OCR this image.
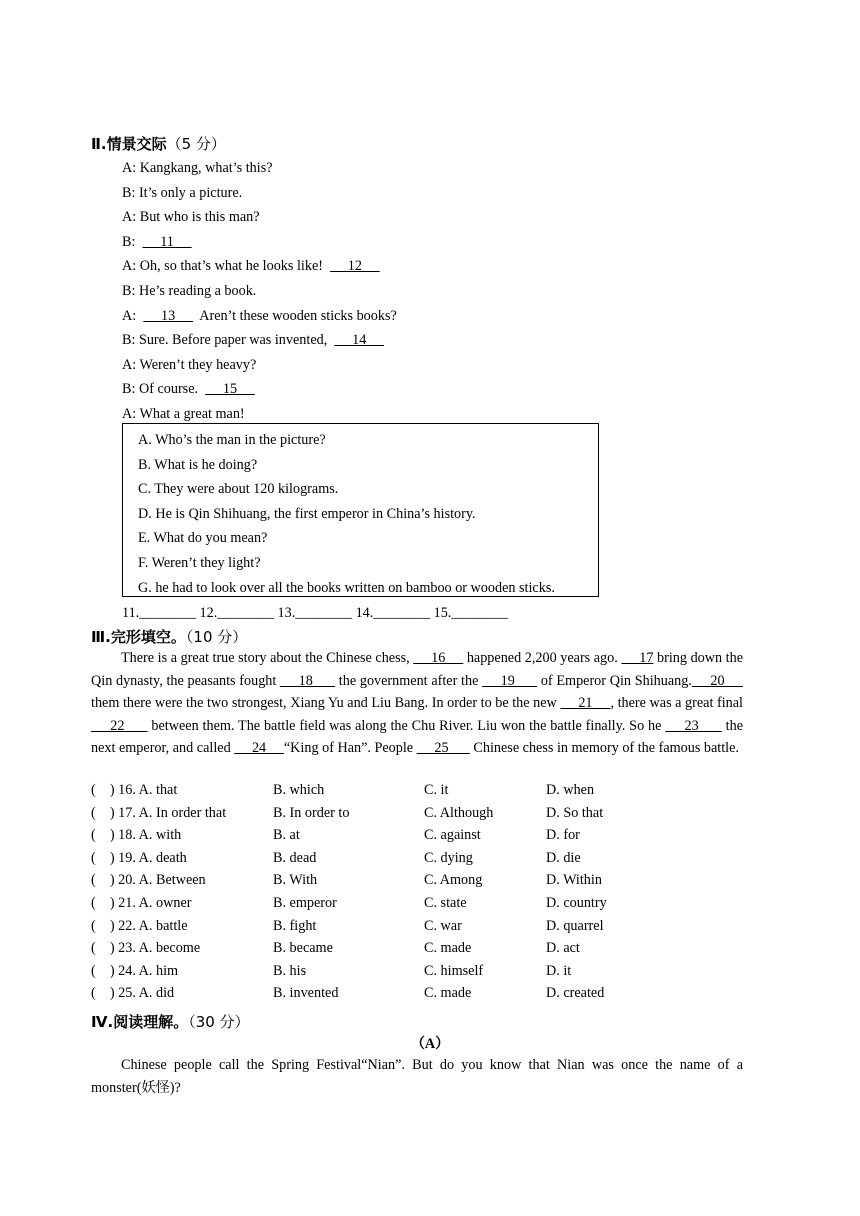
Ⅱ.情景交际（5 分）
A: Kangkang, what’s this?
B: It’s only a picture.
A: But who is this man?
B:       11
A: Oh, so that’s what he looks like!       12
B: He’s reading a book.
A:       13       Aren’t these wooden sticks books?
B: Sure. Before paper was invented,       14
A: Weren’t they heavy?
B: Of course.       15
A: What a great man!
A. Who’s the man in the picture?
B. What is he doing?
C. They were about 120 kilograms.
D. He is Qin Shihuang, the first emperor in China’s history.
E. What do you mean?
F. Weren’t they light?
G. he had to look over all the books written on bamboo or wooden sticks.
11.________ 12.________ 13.________ 14.________ 15.________
Ⅲ.完形填空。（10 分）
There is a great true story about the Chinese chess,      16      happened 2,200 years ago.      17 bring down the Qin dynasty, the peasants fought      18       the government after the      19       of Emperor Qin Shihuang.     20      them there were the two strongest, Xiang Yu and Liu Bang. In order to be the new      21     , there was a great final      22       between them. The battle field was along the Chu River. Liu won the battle finally. So he      23       the next emperor, and called      24     “King of Han”. People      25       Chinese chess in memory of the famous battle.
(    ) 16. A. that	B. which	C. it	D. when
(    ) 17. A. In order that	B. In order to	C. Although	D. So that
(    ) 18. A. with	B. at	C. against	D. for
(    ) 19. A. death	B. dead	C. dying	D. die
(    ) 20. A. Between	B. With	C. Among	D. Within
(    ) 21. A. owner	B. emperor	C. state	D. country
(    ) 22. A. battle	B. fight	C. war	D. quarrel
(    ) 23. A. become	B. became	C. made	D. act
(    ) 24. A. him	B. his	C. himself	D. it
(    ) 25. A. did	B. invented	C. made	D. created
Ⅳ.阅读理解。（30 分）
（A）
Chinese people call the Spring Festival“Nian”. But do you know that Nian was once the name of a monster(妖怪)?
